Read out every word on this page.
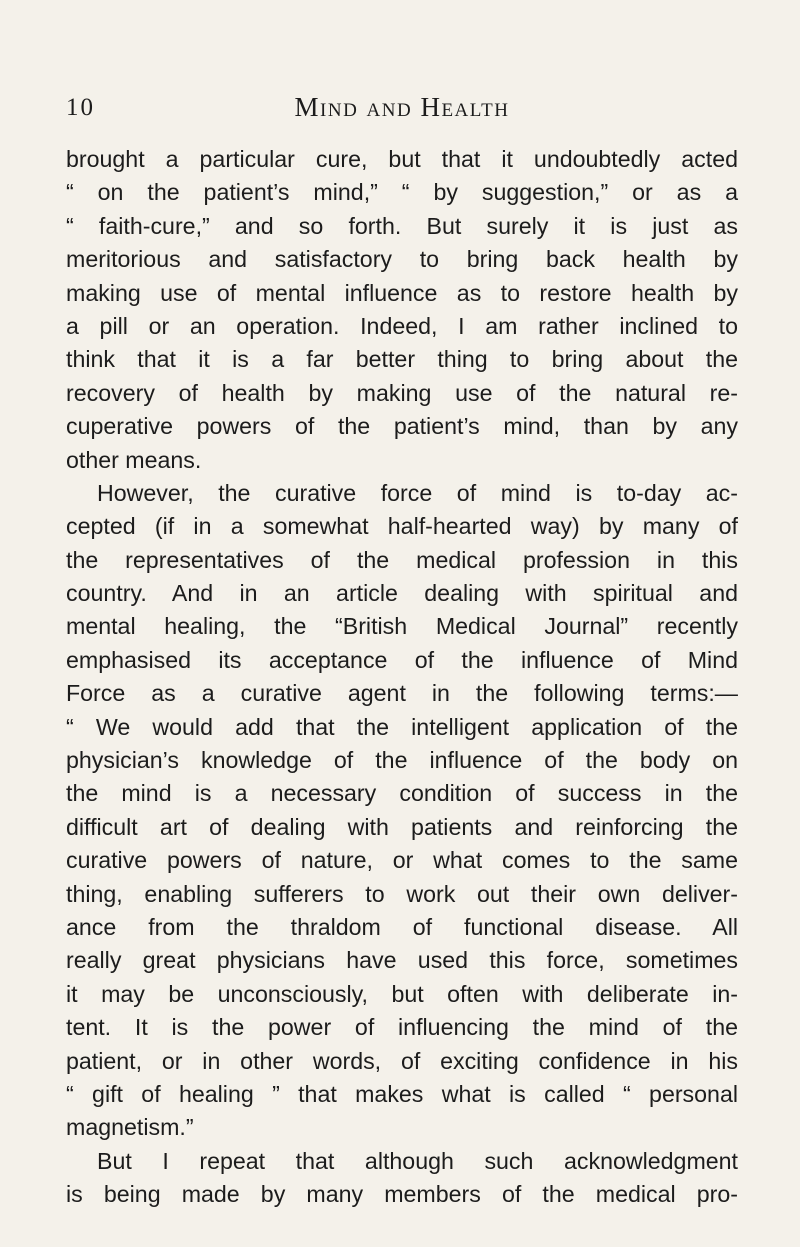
10	Mind and Health
brought a particular cure, but that it undoubtedly acted
“ on the patient’s mind,” “ by suggestion,” or as a
“ faith-cure,” and so forth. But surely it is just as
meritorious and satisfactory to bring back health by
making use of mental influence as to restore health by
a pill or an operation. Indeed, I am rather inclined to
think that it is a far better thing to bring about the
recovery of health by making use of the natural re-
cuperative powers of the patient’s mind, than by any
other means.
However, the curative force of mind is to-day ac-
cepted (if in a somewhat half-hearted way) by many of
the representatives of the medical profession in this
country. And in an article dealing with spiritual and
mental healing, the “British Medical Journal” recently
emphasised its acceptance of the influence of Mind
Force as a curative agent in the following terms:—
“ We would add that the intelligent application of the
physician’s knowledge of the influence of the body on
the mind is a necessary condition of success in the
difficult art of dealing with patients and reinforcing the
curative powers of nature, or what comes to the same
thing, enabling sufferers to work out their own deliver-
ance from the thraldom of functional disease. All
really great physicians have used this force, sometimes
it may be unconsciously, but often with deliberate in-
tent. It is the power of influencing the mind of the
patient, or in other words, of exciting confidence in his
“ gift of healing ” that makes what is called “ personal
magnetism.”
But I repeat that although such acknowledgment
is being made by many members of the medical pro-
